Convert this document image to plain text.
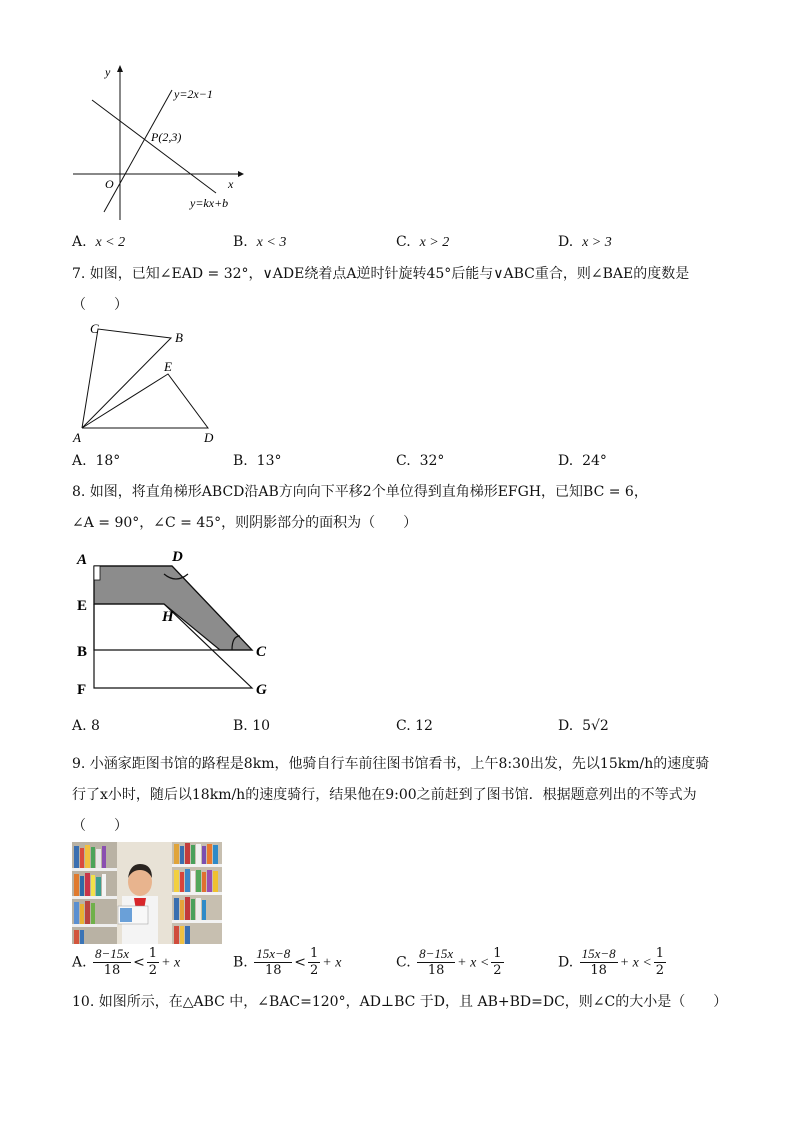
y
x
O
y=2x−1
P(2,3)
y=kx+b
A. x < 2	B. x < 3	C. x > 2	D. x > 3
7. 如图，已知∠EAD = 32°，∨ADE绕着点A逆时针旋转45°后能与∨ABC重合，则∠BAE的度数是
（　　）
A
C
B
E
D
A. 18°	B. 13°	C. 32°	D. 24°
8. 如图，将直角梯形ABCD沿AB方向向下平移2个单位得到直角梯形EFGH，已知BC = 6，
∠A = 90°，∠C = 45°，则阴影部分的面积为（　　）
A	D
E
H
B	C
F	G
A. 8	B. 10	C. 12	D. 5√2
9. 小涵家距图书馆的路程是8km，他骑自行车前往图书馆看书，上午8:30出发，先以15km/h的速度骑
行了x小时，随后以18km/h的速度骑行，结果他在9:00之前赶到了图书馆．根据题意列出的不等式为
（　　）
A. $\frac{8-15x}{18} < \frac{1}{2} + x$	B. $\frac{15x-8}{18} < \frac{1}{2} + x$	C. $\frac{8-15x}{18} + x < \frac{1}{2}$	D. $\frac{15x-8}{18} + x < \frac{1}{2}$
10. 如图所示，在△ABC 中，∠BAC=120°，AD⊥BC 于D，且 AB+BD=DC，则∠C的大小是（　　）
